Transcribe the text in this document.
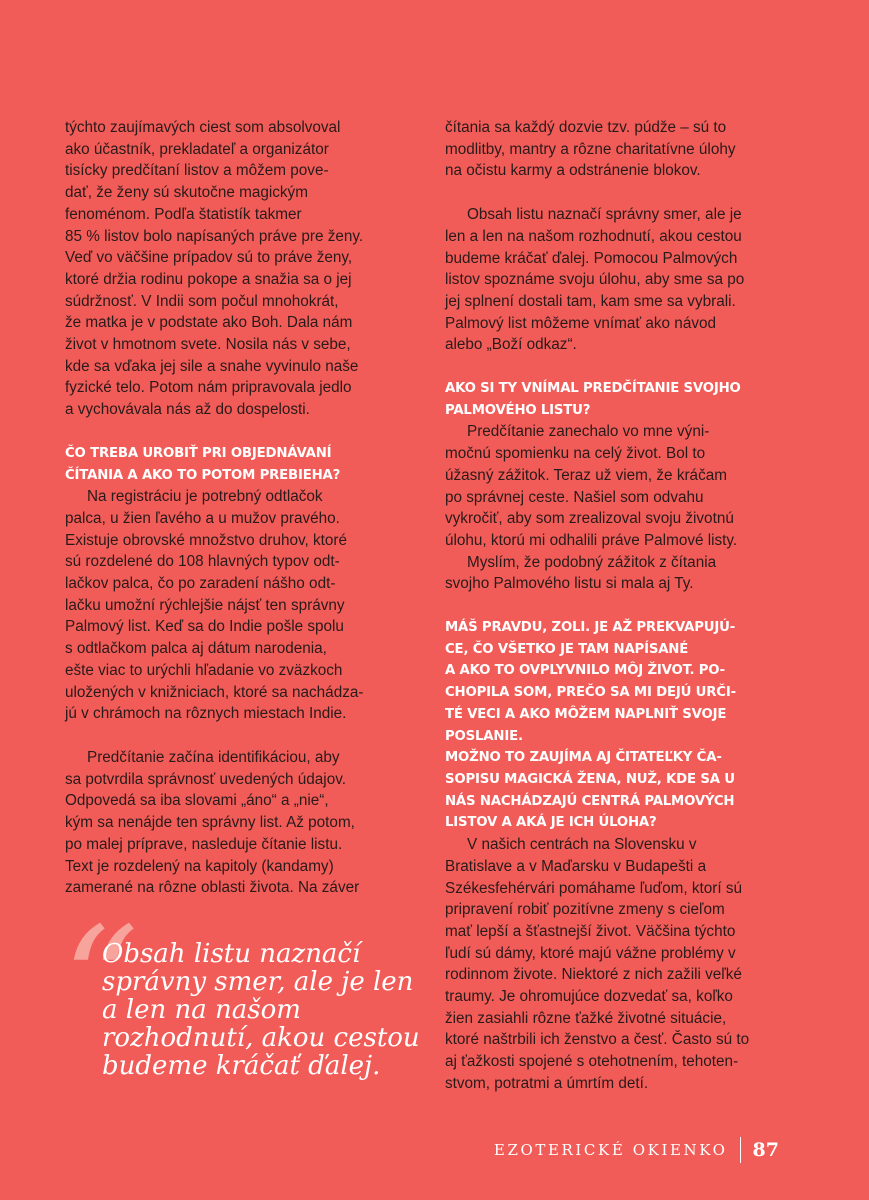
týchto zaujímavých ciest som absolvoval
ako účastník, prekladateľ a organizátor
tisícky predčítaní listov a môžem pove-
dať, že ženy sú skutočne magickým
fenoménom. Podľa štatistík takmer
85 % listov bolo napísaných práve pre ženy.
Veď vo väčšine prípadov sú to práve ženy,
ktoré držia rodinu pokope a snažia sa o jej
súdržnosť. V Indii som počul mnohokrát,
že matka je v podstate ako Boh. Dala nám
život v hmotnom svete. Nosila nás v sebe,
kde sa vďaka jej sile a snahe vyvinulo naše
fyzické telo. Potom nám pripravovala jedlo
a vychovávala nás až do dospelosti.
ČO TREBA UROBIŤ PRI OBJEDNÁVANÍ
ČÍTANIA A AKO TO POTOM PREBIEHA?
Na registráciu je potrebný odtlačok
palca, u žien ľavého a u mužov pravého.
Existuje obrovské množstvo druhov, ktoré
sú rozdelené do 108 hlavných typov odt-
lačkov palca, čo po zaradení nášho odt-
lačku umožní rýchlejšie nájsť ten správny
Palmový list. Keď sa do Indie pošle spolu
s odtlačkom palca aj dátum narodenia,
ešte viac to urýchli hľadanie vo zväzkoch
uložených v knižniciach, ktoré sa nachádza-
jú v chrámoch na rôznych miestach Indie.
Predčítanie začína identifikáciou, aby
sa potvrdila správnosť uvedených údajov.
Odpovedá sa iba slovami „áno“ a „nie“,
kým sa nenájde ten správny list. Až potom,
po malej príprave, nasleduje čítanie listu.
Text je rozdelený na kapitoly (kandamy)
zamerané na rôzne oblasti života. Na záver
“
Obsah listu naznačí
správny smer, ale je len
a len na našom
rozhodnutí, akou cestou
budeme kráčať ďalej.
čítania sa každý dozvie tzv. púdže – sú to
modlitby, mantry a rôzne charitatívne úlohy
na očistu karmy a odstránenie blokov.
Obsah listu naznačí správny smer, ale je
len a len na našom rozhodnutí, akou cestou
budeme kráčať ďalej. Pomocou Palmových
listov spoznáme svoju úlohu, aby sme sa po
jej splnení dostali tam, kam sme sa vybrali.
Palmový list môžeme vnímať ako návod
alebo „Boží odkaz“.
AKO SI TY VNÍMAL PREDČÍTANIE SVOJHO
PALMOVÉHO LISTU?
Predčítanie zanechalo vo mne výni-
močnú spomienku na celý život. Bol to
úžasný zážitok. Teraz už viem, že kráčam
po správnej ceste. Našiel som odvahu
vykročiť, aby som zrealizoval svoju životnú
úlohu, ktorú mi odhalili práve Palmové listy.
Myslím, že podobný zážitok z čítania
svojho Palmového listu si mala aj Ty.
MÁŠ PRAVDU, ZOLI. JE AŽ PREKVAPUJÚ-
CE, ČO VŠETKO JE TAM NAPÍSANÉ
A AKO TO OVPLYVNILO MÔJ ŽIVOT. PO-
CHOPILA SOM, PREČO SA MI DEJÚ URČI-
TÉ VECI A AKO MÔŽEM NAPLNIŤ SVOJE
POSLANIE.
MOŽNO TO ZAUJÍMA AJ ČITATEĽKY ČA-
SOPISU MAGICKÁ ŽENA, NUŽ, KDE SA U
NÁS NACHÁDZAJÚ CENTRÁ PALMOVÝCH
LISTOV A AKÁ JE ICH ÚLOHA?
V našich centrách na Slovensku v
Bratislave a v Maďarsku v Budapešti a
Székesfehérvári pomáhame ľuďom, ktorí sú
pripravení robiť pozitívne zmeny s cieľom
mať lepší a šťastnejší život. Väčšina týchto
ľudí sú dámy, ktoré majú vážne problémy v
rodinnom živote. Niektoré z nich zažili veľké
traumy. Je ohromujúce dozvedať sa, koľko
žien zasiahli rôzne ťažké životné situácie,
ktoré naštrbili ich ženstvo a česť. Často sú to
aj ťažkosti spojené s otehotnením, tehoten-
stvom, potratmi a úmrtím detí.
EZOTERICKÉ OKIENKO 87
